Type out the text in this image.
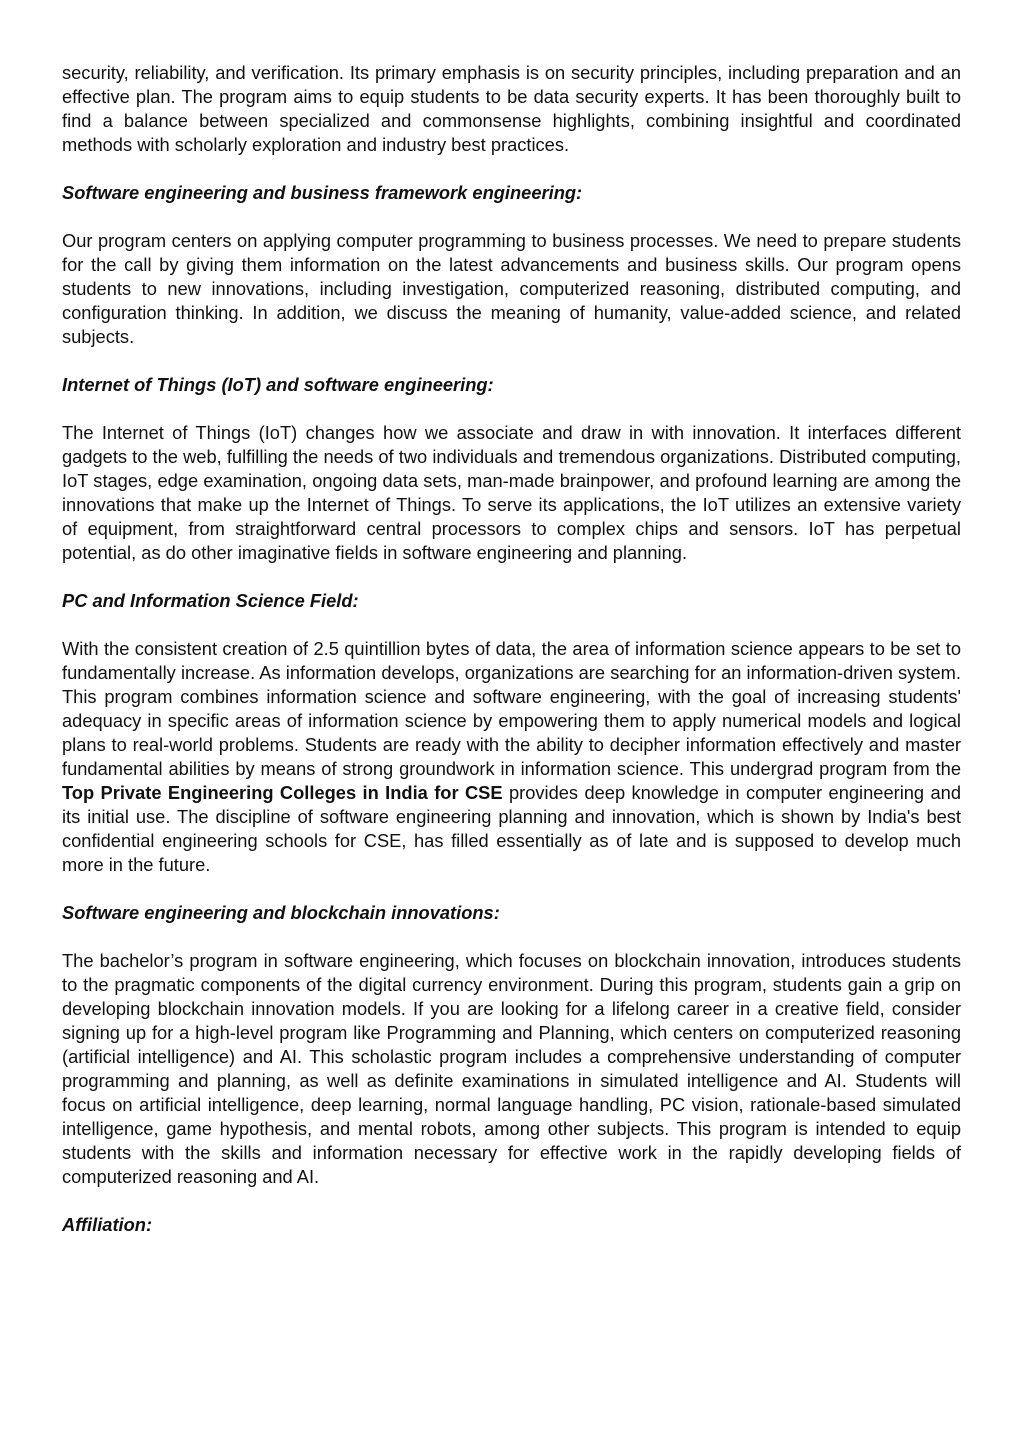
security, reliability, and verification. Its primary emphasis is on security principles, including preparation and an effective plan. The program aims to equip students to be data security experts. It has been thoroughly built to find a balance between specialized and commonsense highlights, combining insightful and coordinated methods with scholarly exploration and industry best practices.

Software engineering and business framework engineering:

Our program centers on applying computer programming to business processes. We need to prepare students for the call by giving them information on the latest advancements and business skills. Our program opens students to new innovations, including investigation, computerized reasoning, distributed computing, and configuration thinking. In addition, we discuss the meaning of humanity, value-added science, and related subjects.

Internet of Things (IoT) and software engineering:

The Internet of Things (IoT) changes how we associate and draw in with innovation. It interfaces different gadgets to the web, fulfilling the needs of two individuals and tremendous organizations. Distributed computing, IoT stages, edge examination, ongoing data sets, man-made brainpower, and profound learning are among the innovations that make up the Internet of Things. To serve its applications, the IoT utilizes an extensive variety of equipment, from straightforward central processors to complex chips and sensors. IoT has perpetual potential, as do other imaginative fields in software engineering and planning.

PC and Information Science Field:

With the consistent creation of 2.5 quintillion bytes of data, the area of information science appears to be set to fundamentally increase. As information develops, organizations are searching for an information-driven system. This program combines information science and software engineering, with the goal of increasing students' adequacy in specific areas of information science by empowering them to apply numerical models and logical plans to real-world problems. Students are ready with the ability to decipher information effectively and master fundamental abilities by means of strong groundwork in information science. This undergrad program from the Top Private Engineering Colleges in India for CSE provides deep knowledge in computer engineering and its initial use. The discipline of software engineering planning and innovation, which is shown by India's best confidential engineering schools for CSE, has filled essentially as of late and is supposed to develop much more in the future.

Software engineering and blockchain innovations:

The bachelor’s program in software engineering, which focuses on blockchain innovation, introduces students to the pragmatic components of the digital currency environment. During this program, students gain a grip on developing blockchain innovation models. If you are looking for a lifelong career in a creative field, consider signing up for a high-level program like Programming and Planning, which centers on computerized reasoning (artificial intelligence) and AI. This scholastic program includes a comprehensive understanding of computer programming and planning, as well as definite examinations in simulated intelligence and AI. Students will focus on artificial intelligence, deep learning, normal language handling, PC vision, rationale-based simulated intelligence, game hypothesis, and mental robots, among other subjects. This program is intended to equip students with the skills and information necessary for effective work in the rapidly developing fields of computerized reasoning and AI.

Affiliation:
